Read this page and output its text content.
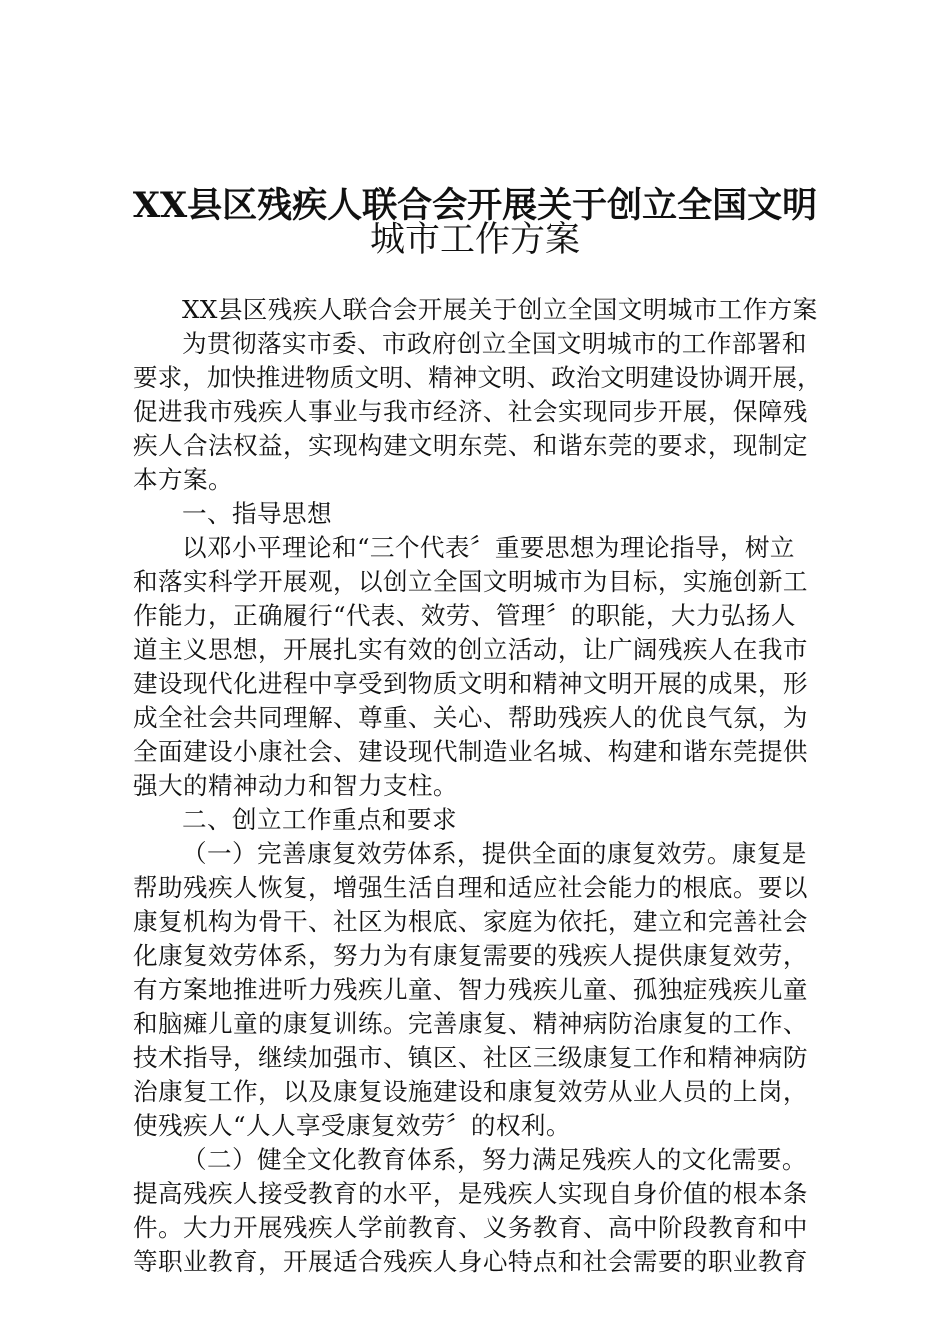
XX县区残疾人联合会开展关于创立全国文明
城市工作方案

XX县区残疾人联合会开展关于创立全国文明城市工作方案

为贯彻落实市委、市政府创立全国文明城市的工作部署和

要求，加快推进物质文明、精神文明、政治文明建设协调开展，

促进我市残疾人事业与我市经济、社会实现同步开展，保障残

疾人合法权益，实现构建文明东莞、和谐东莞的要求，现制定

本方案。

一、指导思想

以邓小平理论和“三个代表〞重要思想为理论指导，树立

和落实科学开展观，以创立全国文明城市为目标，实施创新工

作能力，正确履行“代表、效劳、管理〞的职能，大力弘扬人

道主义思想，开展扎实有效的创立活动，让广阔残疾人在我市

建设现代化进程中享受到物质文明和精神文明开展的成果，形

成全社会共同理解、尊重、关心、帮助残疾人的优良气氛，为

全面建设小康社会、建设现代制造业名城、构建和谐东莞提供

强大的精神动力和智力支柱。

二、创立工作重点和要求

（一）完善康复效劳体系，提供全面的康复效劳。康复是

帮助残疾人恢复，增强生活自理和适应社会能力的根底。要以

康复机构为骨干、社区为根底、家庭为依托，建立和完善社会

化康复效劳体系，努力为有康复需要的残疾人提供康复效劳，

有方案地推进听力残疾儿童、智力残疾儿童、孤独症残疾儿童

和脑瘫儿童的康复训练。完善康复、精神病防治康复的工作、

技术指导，继续加强市、镇区、社区三级康复工作和精神病防

治康复工作，以及康复设施建设和康复效劳从业人员的上岗，

使残疾人“人人享受康复效劳〞的权利。

（二）健全文化教育体系，努力满足残疾人的文化需要。

提高残疾人接受教育的水平，是残疾人实现自身价值的根本条

件。大力开展残疾人学前教育、义务教育、高中阶段教育和中

等职业教育，开展适合残疾人身心特点和社会需要的职业教育
